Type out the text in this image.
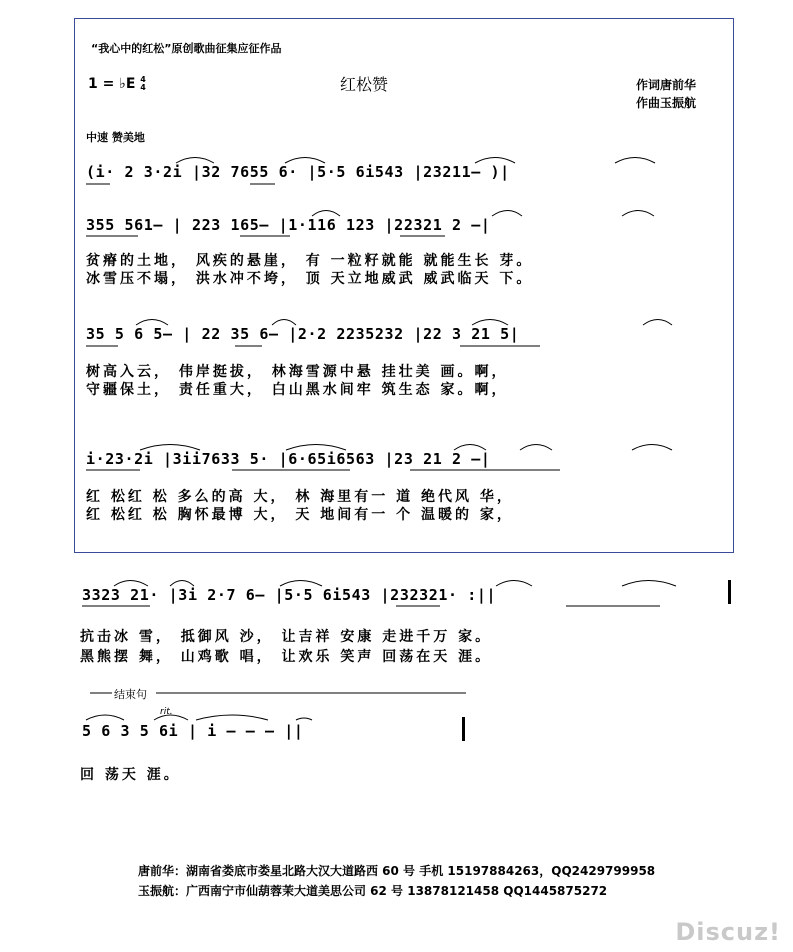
“我心中的红松”原创歌曲征集应征作品
1 = ♭E 4
4	红松赞	作词唐前华
作曲玉振航
中速 赞美地
(i· 2 3·2i |32 7655 6· |5·5 6i543 |23211— )|
355 561— | 223 165— |1·116 123 |22321 2 —|
贫瘠的土地， 风疾的悬崖， 有 一粒籽就能 就能生长 芽。
冰雪压不塌， 洪水冲不垮， 顶 天立地威武 威武临天 下。
35 5 6 5— | 22 35 6— |2·2 2235232 |22 3 21 5|
树高入云， 伟岸挺拔， 林海雪源中悬 挂壮美 画。啊，
守疆保土， 责任重大， 白山黑水间牢 筑生态 家。啊，
i·23·2i |3ii7633 5· |6·65i6563 |23 21 2 —|
红 松红 松 多么的高 大， 林 海里有一 道 绝代风 华，
红 松红 松 胸怀最博 大， 天 地间有一 个 温暖的 家，
3323 21· |3i 2·7 6— |5·5 6i543 |232321· :||
抗击冰 雪， 抵御风 沙， 让吉祥 安康 走进千万 家。
黑熊摆 舞， 山鸡歌 唱， 让欢乐 笑声 回荡在天 涯。
结束句
rit.
5 6 3 5 6i | i — — — ||
回 荡天 涯。
唐前华：湖南省娄底市娄星北路大汉大道路西 60 号 手机 15197884263，QQ2429799958
玉振航：广西南宁市仙葫蓉茉大道美思公司 62 号 13878121458 QQ1445875272
Discuz!
